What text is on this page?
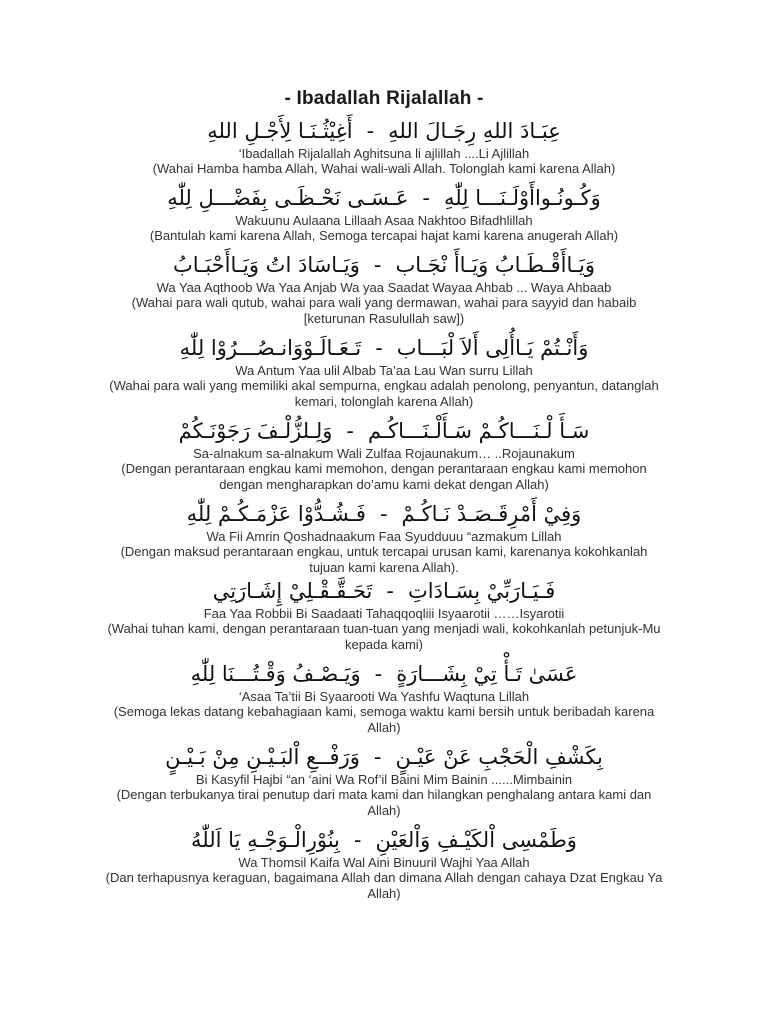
- Ibadallah Rijalallah -
عِبَـادَ اللهِ رِجَـالَ اللهِ-أَغِيْثُـنَـا لِأَجْـلِ اللهِ
‘Ibadallah Rijalallah Aghitsuna li ajlillah ....Li Ajlillah
(Wahai Hamba hamba Allah, Wahai wali-wali Allah. Tolonglah kami karena Allah)
وَكُـونُـواأَوْلَـنَـــا لِلّٰهِ-عَـسَـى نَحْـظَـى بِفَضْـــلِ لِلّٰهِ
Wakuunu Aulaana Lillaah Asaa Nakhtoo Bifadhlillah
(Bantulah kami karena Allah, Semoga tercapai hajat kami karena anugerah Allah)
وَيَـاأَقْـطَـابُ وَيَـاأَ نْجَـاب-وَيَـاسَادَ اتُ وَيَـاأَحْبَـابُ
Wa Yaa Aqthoob Wa Yaa Anjab Wa yaa Saadat Wayaa Ahbab ... Waya Ahbaab
(Wahai para wali qutub, wahai para wali yang dermawan, wahai para sayyid dan habaib [keturunan Rasulullah saw])
وَأَنْـتُمْ يَـاأُلِى أَلاَ لْبَـــاب-تَـعَـالَـوْوَانـصُـــرُوْا لِلّٰهِ
Wa Antum Yaa ulil Albab Ta’aa Lau Wan surru Lillah
(Wahai para wali yang memiliki akal sempurna, engkau adalah penolong, penyantun, datanglah kemari, tolonglah karena Allah)
سَـأَ لْـنَـــاكُـمْ سَـأَلْـنَـــاكُـم-وَلِـلزُّلْـفَ رَجَوْنَـكُمْ
Sa-alnakum sa-alnakum Wali Zulfaa Rojaunakum… ..Rojaunakum
(Dengan perantaraan engkau kami memohon, dengan perantaraan engkau kami memohon dengan mengharapkan do’amu kami dekat dengan Allah)
وَفِيْ أَمْرِقَـصَـدْ نَـاكُـمْ-فَـشُـدُّوْا عَزْمَـكُـمْ لِلّٰهِ
Wa Fii Amrin Qoshadnaakum Faa Syudduuu “azmakum Lillah
(Dengan maksud perantaraan engkau, untuk tercapai urusan kami, karenanya kokohkanlah tujuan kami karena Allah).
فَـيَـارَبِّيْ بِسَـادَاتِ-تَحَـقَّـقْـلِيْ إِشَـارَتِي
Faa Yaa Robbii Bi Saadaati Tahaqqoqliii Isyaarotii ……Isyarotii
(Wahai tuhan kami, dengan perantaraan tuan-tuan yang menjadi wali, kokohkanlah petunjuk-Mu kepada kami)
عَسَىٰ تَـأْ تِيْ بِشَـــارَةٍ-وَيَـصْـفُ وَقْـتُـــنَا لِلّٰهِ
‘Asaa Ta’tii Bi Syaarooti Wa Yashfu Waqtuna Lillah
(Semoga lekas datang kebahagiaan kami, semoga waktu kami bersih untuk beribadah karena Allah)
بِكَشْفِ الْحَجْبِ عَنْ عَيْـنٍ-وَرَفْــعِ اْلبَـيْـنِ مِنْ بَـيْـنٍ
Bi Kasyfil Hajbi “an ‘aini Wa Rof’il Baini Mim Bainin ......Mimbainin
(Dengan terbukanya tirai penutup dari mata kami dan hilangkan penghalang antara kami dan Allah)
وَطَمْسِى اْلكَيْـفِ وَاْلعَيْنِ-بِنُوْرِالْـوَجْـهِ يَا اَللّٰهُ
Wa Thomsil Kaifa Wal Aini Binuuril Wajhi Yaa Allah
(Dan terhapusnya keraguan, bagaimana Allah dan dimana Allah dengan cahaya Dzat Engkau Ya Allah)
